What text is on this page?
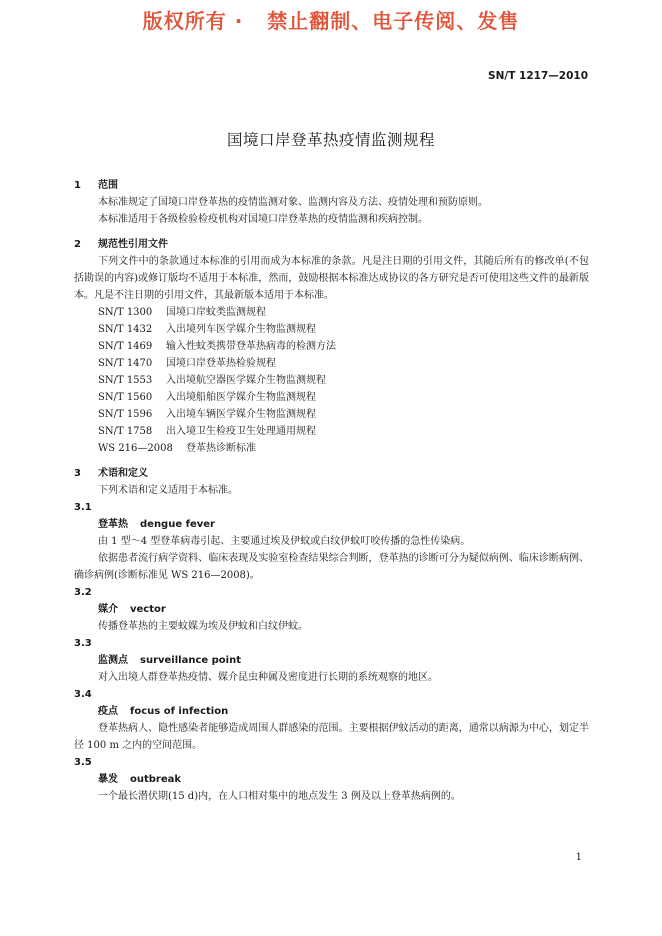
版权所有 ·   禁止翻制、电子传阅、发售
SN/T 1217—2010
国境口岸登革热疫情监测规程
1 范围
本标准规定了国境口岸登革热的疫情监测对象、监测内容及方法、疫情处理和预防原则。
本标准适用于各级检验检疫机构对国境口岸登革热的疫情监测和疾病控制。
2 规范性引用文件
下列文件中的条款通过本标准的引用而成为本标准的条款。凡是注日期的引用文件，其随后所有的修改单(不包括勘误的内容)或修订版均不适用于本标准，然而，鼓励根据本标准达成协议的各方研究是否可使用这些文件的最新版本。凡是不注日期的引用文件，其最新版本适用于本标准。
SN/T 1300 国境口岸蚊类监测规程
SN/T 1432 入出境列车医学媒介生物监测规程
SN/T 1469 输入性蚊类携带登革热病毒的检测方法
SN/T 1470 国境口岸登革热检验规程
SN/T 1553 入出境航空器医学媒介生物监测规程
SN/T 1560 入出境船舶医学媒介生物监测规程
SN/T 1596 入出境车辆医学媒介生物监测规程
SN/T 1758 出入境卫生检疫卫生处理通用规程
WS 216—2008 登革热诊断标准
3 术语和定义
下列术语和定义适用于本标准。
3.1
登革热 dengue fever
由 1 型～4 型登革病毒引起、主要通过埃及伊蚊或白纹伊蚊叮咬传播的急性传染病。
依据患者流行病学资料、临床表现及实验室检查结果综合判断，登革热的诊断可分为疑似病例、临床诊断病例、确诊病例(诊断标准见 WS 216—2008)。
3.2
媒介 vector
传播登革热的主要蚊媒为埃及伊蚊和白纹伊蚊。
3.3
监测点 surveillance point
对入出境人群登革热疫情、媒介昆虫种属及密度进行长期的系统观察的地区。
3.4
疫点 focus of infection
登革热病人、隐性感染者能够造成周围人群感染的范围。主要根据伊蚊活动的距离，通常以病源为中心，划定半径 100 m 之内的空间范围。
3.5
暴发 outbreak
一个最长潜伏期(15 d)内，在人口相对集中的地点发生 3 例及以上登革热病例的。
1
